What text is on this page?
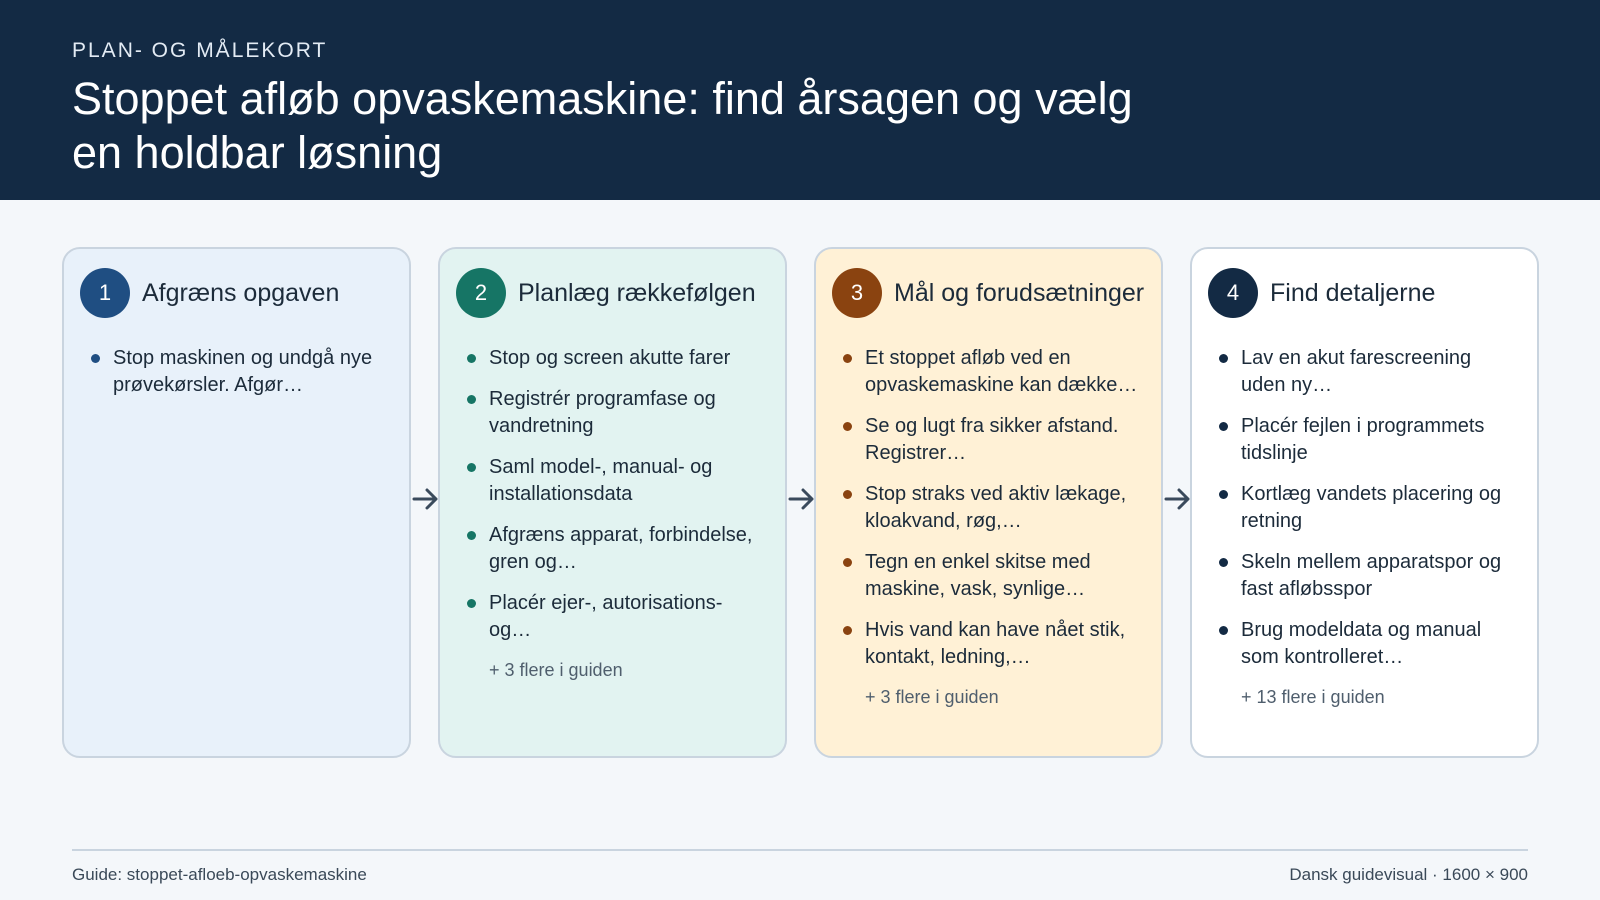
PLAN- OG MÅLEKORT
Stoppet afløb opvaskemaskine: find årsagen og vælg en holdbar løsning
1	Afgræns opgaven
Stop maskinen og undgå nye prøvekørsler. Afgør…
2	Planlæg rækkefølgen
Stop og screen akutte farer
Registrér programfase og vandretning
Saml model-, manual- og installationsdata
Afgræns apparat, forbindelse, gren og…
Placér ejer-, autorisations- og…
+ 3 flere i guiden
3	Mål og forudsætninger
Et stoppet afløb ved en opvaskemaskine kan dække…
Se og lugt fra sikker afstand. Registrer…
Stop straks ved aktiv lækage, kloakvand, røg,…
Tegn en enkel skitse med maskine, vask, synlige…
Hvis vand kan have nået stik, kontakt, ledning,…
+ 3 flere i guiden
4	Find detaljerne
Lav en akut farescreening uden ny…
Placér fejlen i programmets tidslinje
Kortlæg vandets placering og retning
Skeln mellem apparatspor og fast afløbsspor
Brug modeldata og manual som kontrolleret…
+ 13 flere i guiden
Guide: stoppet-afloeb-opvaskemaskine	Dansk guidevisual · 1600 × 900
